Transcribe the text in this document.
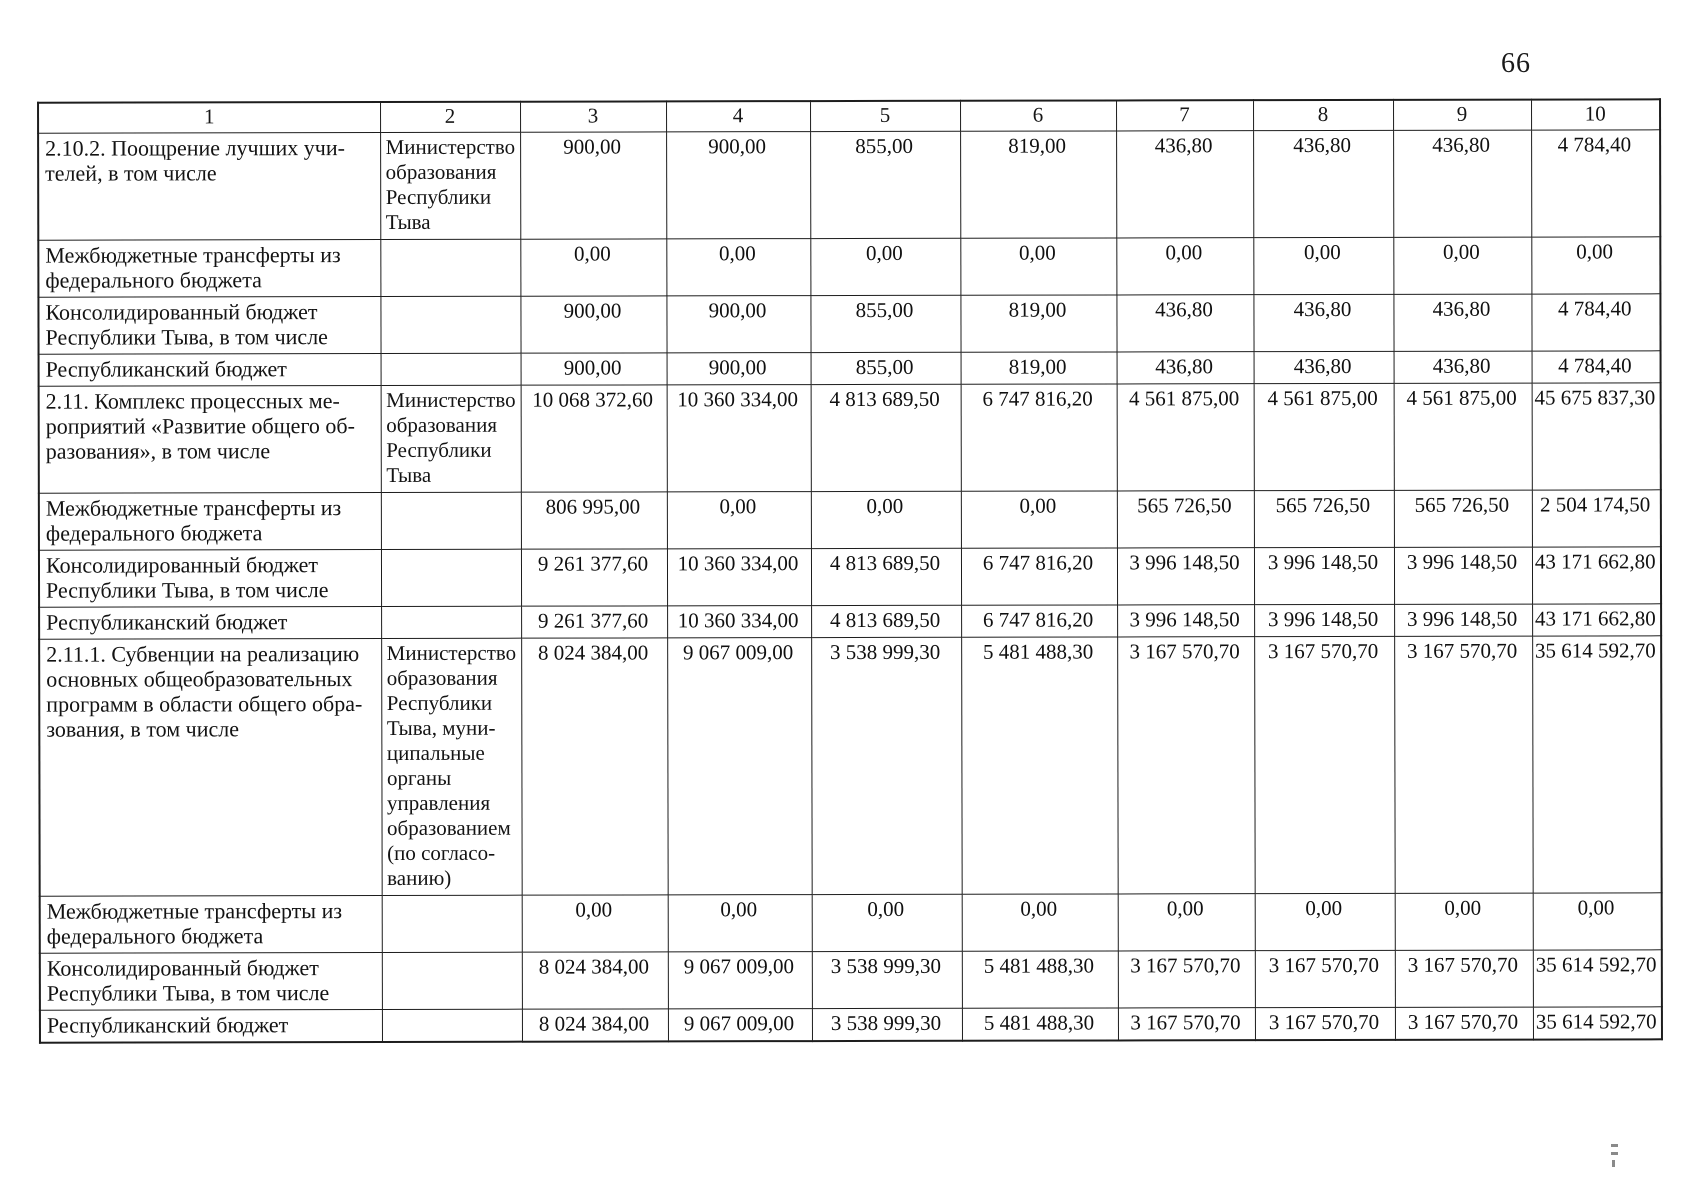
66
1	2	3	4	5	6	7	8	9	10
2.10.2. Поощрение лучших учи-
телей, в том числе	Министерство
образования
Республики
Тыва	900,00	900,00	855,00	819,00	436,80	436,80	436,80	4 784,40
Межбюджетные трансферты из
федерального бюджета		0,00	0,00	0,00	0,00	0,00	0,00	0,00	0,00
Консолидированный бюджет
Республики Тыва, в том числе		900,00	900,00	855,00	819,00	436,80	436,80	436,80	4 784,40
Республиканский бюджет		900,00	900,00	855,00	819,00	436,80	436,80	436,80	4 784,40
2.11. Комплекс процессных ме-
роприятий «Развитие общего об-
разования», в том числе	Министерство
образования
Республики
Тыва	10 068 372,60	10 360 334,00	4 813 689,50	6 747 816,20	4 561 875,00	4 561 875,00	4 561 875,00	45 675 837,30
Межбюджетные трансферты из
федерального бюджета		806 995,00	0,00	0,00	0,00	565 726,50	565 726,50	565 726,50	2 504 174,50
Консолидированный бюджет
Республики Тыва, в том числе		9 261 377,60	10 360 334,00	4 813 689,50	6 747 816,20	3 996 148,50	3 996 148,50	3 996 148,50	43 171 662,80
Республиканский бюджет		9 261 377,60	10 360 334,00	4 813 689,50	6 747 816,20	3 996 148,50	3 996 148,50	3 996 148,50	43 171 662,80
2.11.1. Субвенции на реализацию
основных общеобразовательных
программ в области общего обра-
зования, в том числе	Министерство
образования
Республики
Тыва, муни-
ципальные
органы
управления
образованием
(по согласо-
ванию)	8 024 384,00	9 067 009,00	3 538 999,30	5 481 488,30	3 167 570,70	3 167 570,70	3 167 570,70	35 614 592,70
Межбюджетные трансферты из
федерального бюджета		0,00	0,00	0,00	0,00	0,00	0,00	0,00	0,00
Консолидированный бюджет
Республики Тыва, в том числе		8 024 384,00	9 067 009,00	3 538 999,30	5 481 488,30	3 167 570,70	3 167 570,70	3 167 570,70	35 614 592,70
Республиканский бюджет		8 024 384,00	9 067 009,00	3 538 999,30	5 481 488,30	3 167 570,70	3 167 570,70	3 167 570,70	35 614 592,70
